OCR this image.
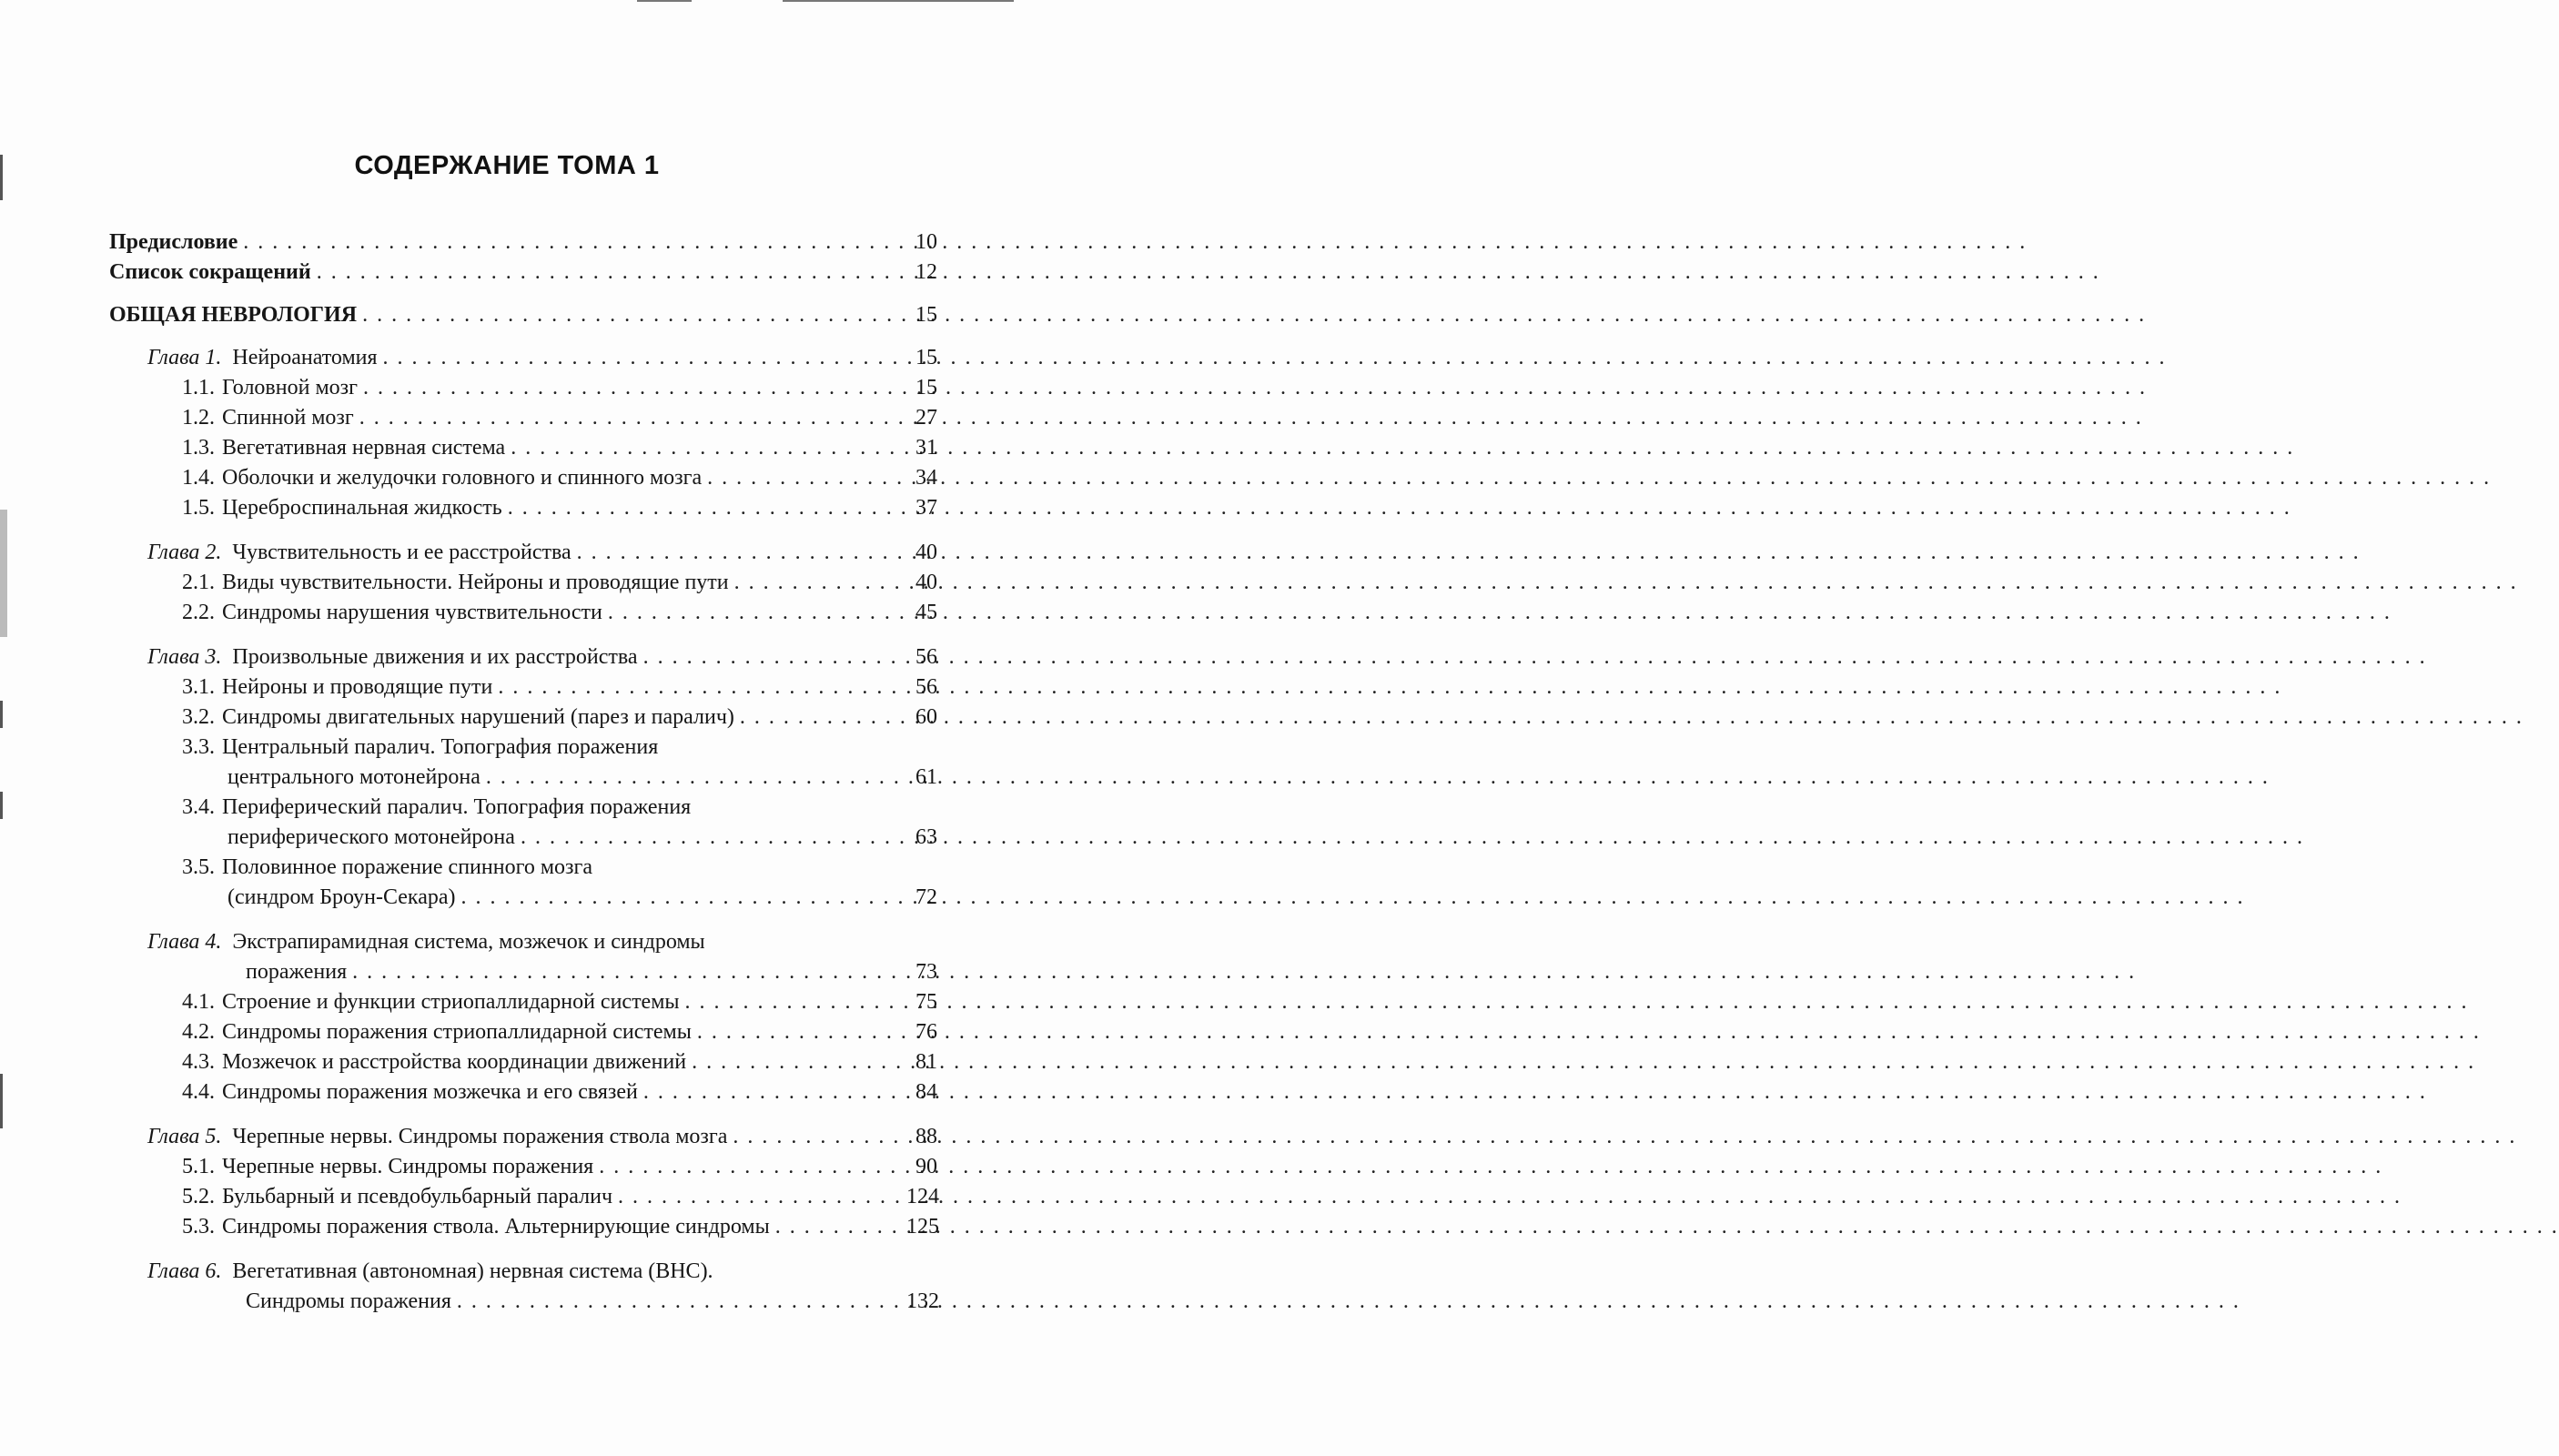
СОДЕРЖАНИЕ ТОМА 1
Предисловие . . .	10
Список сокращений . . .	12
ОБЩАЯ НЕВРОЛОГИЯ . . .	15
Глава 1. Нейроанатомия . . .	15
1.1. Головной мозг . . .	15
1.2. Спинной мозг . . .	27
1.3. Вегетативная нервная система . . .	31
1.4. Оболочки и желудочки головного и спинного мозга . . .	34
1.5. Цереброспинальная жидкость . . .	37
Глава 2. Чувствительность и ее расстройства . . .	40
2.1. Виды чувствительности. Нейроны и проводящие пути . . .	40
2.2. Синдромы нарушения чувствительности . . .	45
Глава 3. Произвольные движения и их расстройства . . .	56
3.1. Нейроны и проводящие пути . . .	56
3.2. Синдромы двигательных нарушений (парез и паралич) . . .	60
3.3. Центральный паралич. Топография поражения
центрального мотонейрона . . .	61
3.4. Периферический паралич. Топография поражения
периферического мотонейрона . . .	63
3.5. Половинное поражение спинного мозга
(синдром Броун-Секара) . . .	72
Глава 4. Экстрапирамидная система, мозжечок и синдромы
поражения . . .	73
4.1. Строение и функции стриопаллидарной системы . . .	75
4.2. Синдромы поражения стриопаллидарной системы . . .	76
4.3. Мозжечок и расстройства координации движений . . .	81
4.4. Синдромы поражения мозжечка и его связей . . .	84
Глава 5. Черепные нервы. Синдромы поражения ствола мозга . . .	88
5.1. Черепные нервы. Синдромы поражения . . .	90
5.2. Бульбарный и псевдобульбарный паралич . . .	124
5.3. Синдромы поражения ствола. Альтернирующие синдромы . . .	125
Глава 6. Вегетативная (автономная) нервная система (ВНС).
Синдромы поражения . . .	132
